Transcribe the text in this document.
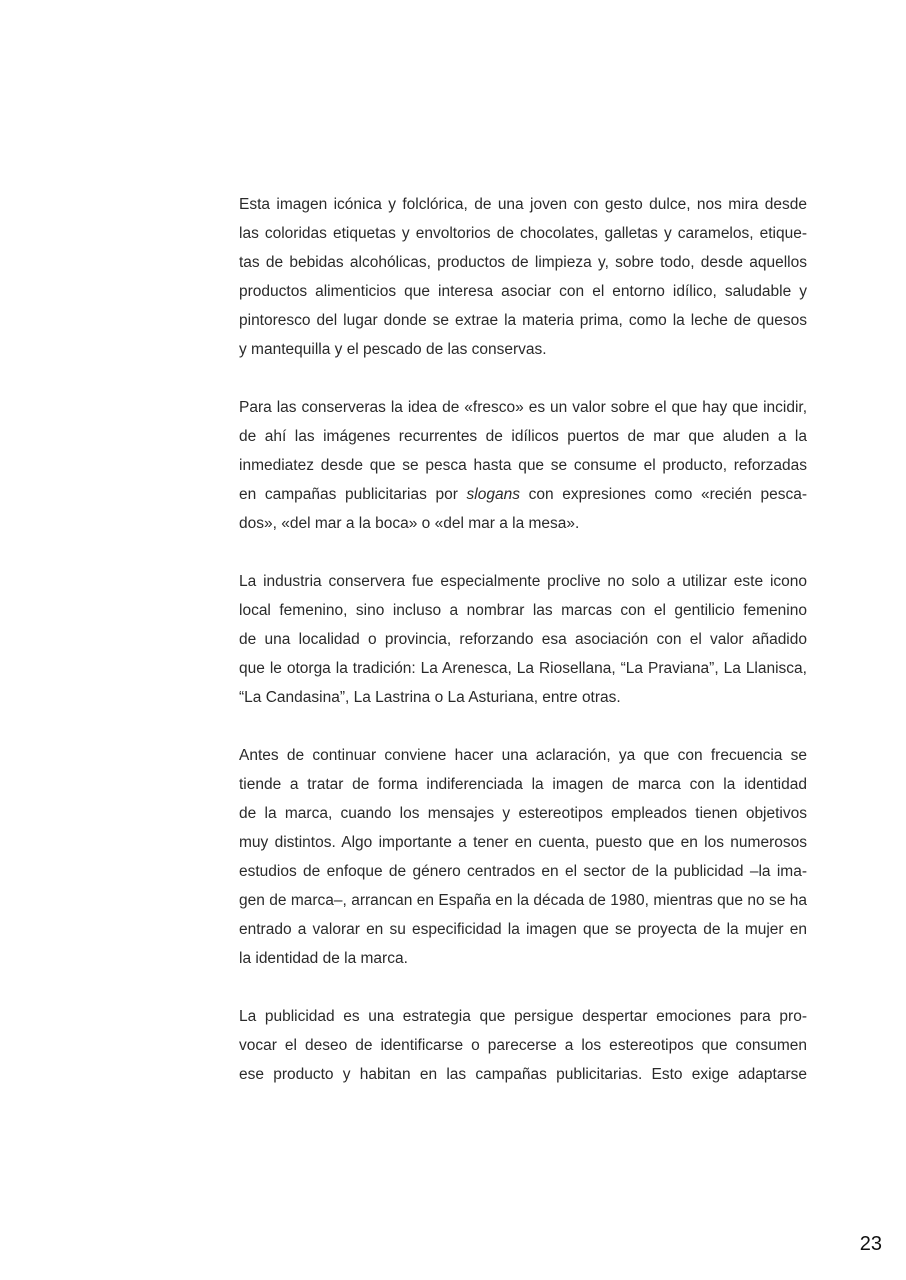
Esta imagen icónica y folclórica, de una joven con gesto dulce, nos mira desde
las coloridas etiquetas y envoltorios de chocolates, galletas y caramelos, etique-
tas de bebidas alcohólicas, productos de limpieza y, sobre todo, desde aquellos
productos alimenticios que interesa asociar con el entorno idílico, saludable y
pintoresco del lugar donde se extrae la materia prima, como la leche de quesos
y mantequilla y el pescado de las conservas.

Para las conserveras la idea de «fresco» es un valor sobre el que hay que incidir,
de ahí las imágenes recurrentes de idílicos puertos de mar que aluden a la
inmediatez desde que se pesca hasta que se consume el producto, reforzadas
en campañas publicitarias por slogans con expresiones como «recién pesca-
dos», «del mar a la boca» o «del mar a la mesa».

La industria conservera fue especialmente proclive no solo a utilizar este icono
local femenino, sino incluso a nombrar las marcas con el gentilicio femenino
de una localidad o provincia, reforzando esa asociación con el valor añadido
que le otorga la tradición: La Arenesca, La Riosellana, “La Praviana”, La Llanisca,
“La Candasina”, La Lastrina o La Asturiana, entre otras.

Antes de continuar conviene hacer una aclaración, ya que con frecuencia se
tiende a tratar de forma indiferenciada la imagen de marca con la identidad
de la marca, cuando los mensajes y estereotipos empleados tienen objetivos
muy distintos. Algo importante a tener en cuenta, puesto que en los numerosos
estudios de enfoque de género centrados en el sector de la publicidad –la ima-
gen de marca–, arrancan en España en la década de 1980, mientras que no se ha
entrado a valorar en su especificidad la imagen que se proyecta de la mujer en
la identidad de la marca.

La publicidad es una estrategia que persigue despertar emociones para pro-
vocar el deseo de identificarse o parecerse a los estereotipos que consumen
ese producto y habitan en las campañas publicitarias. Esto exige adaptarse

23
